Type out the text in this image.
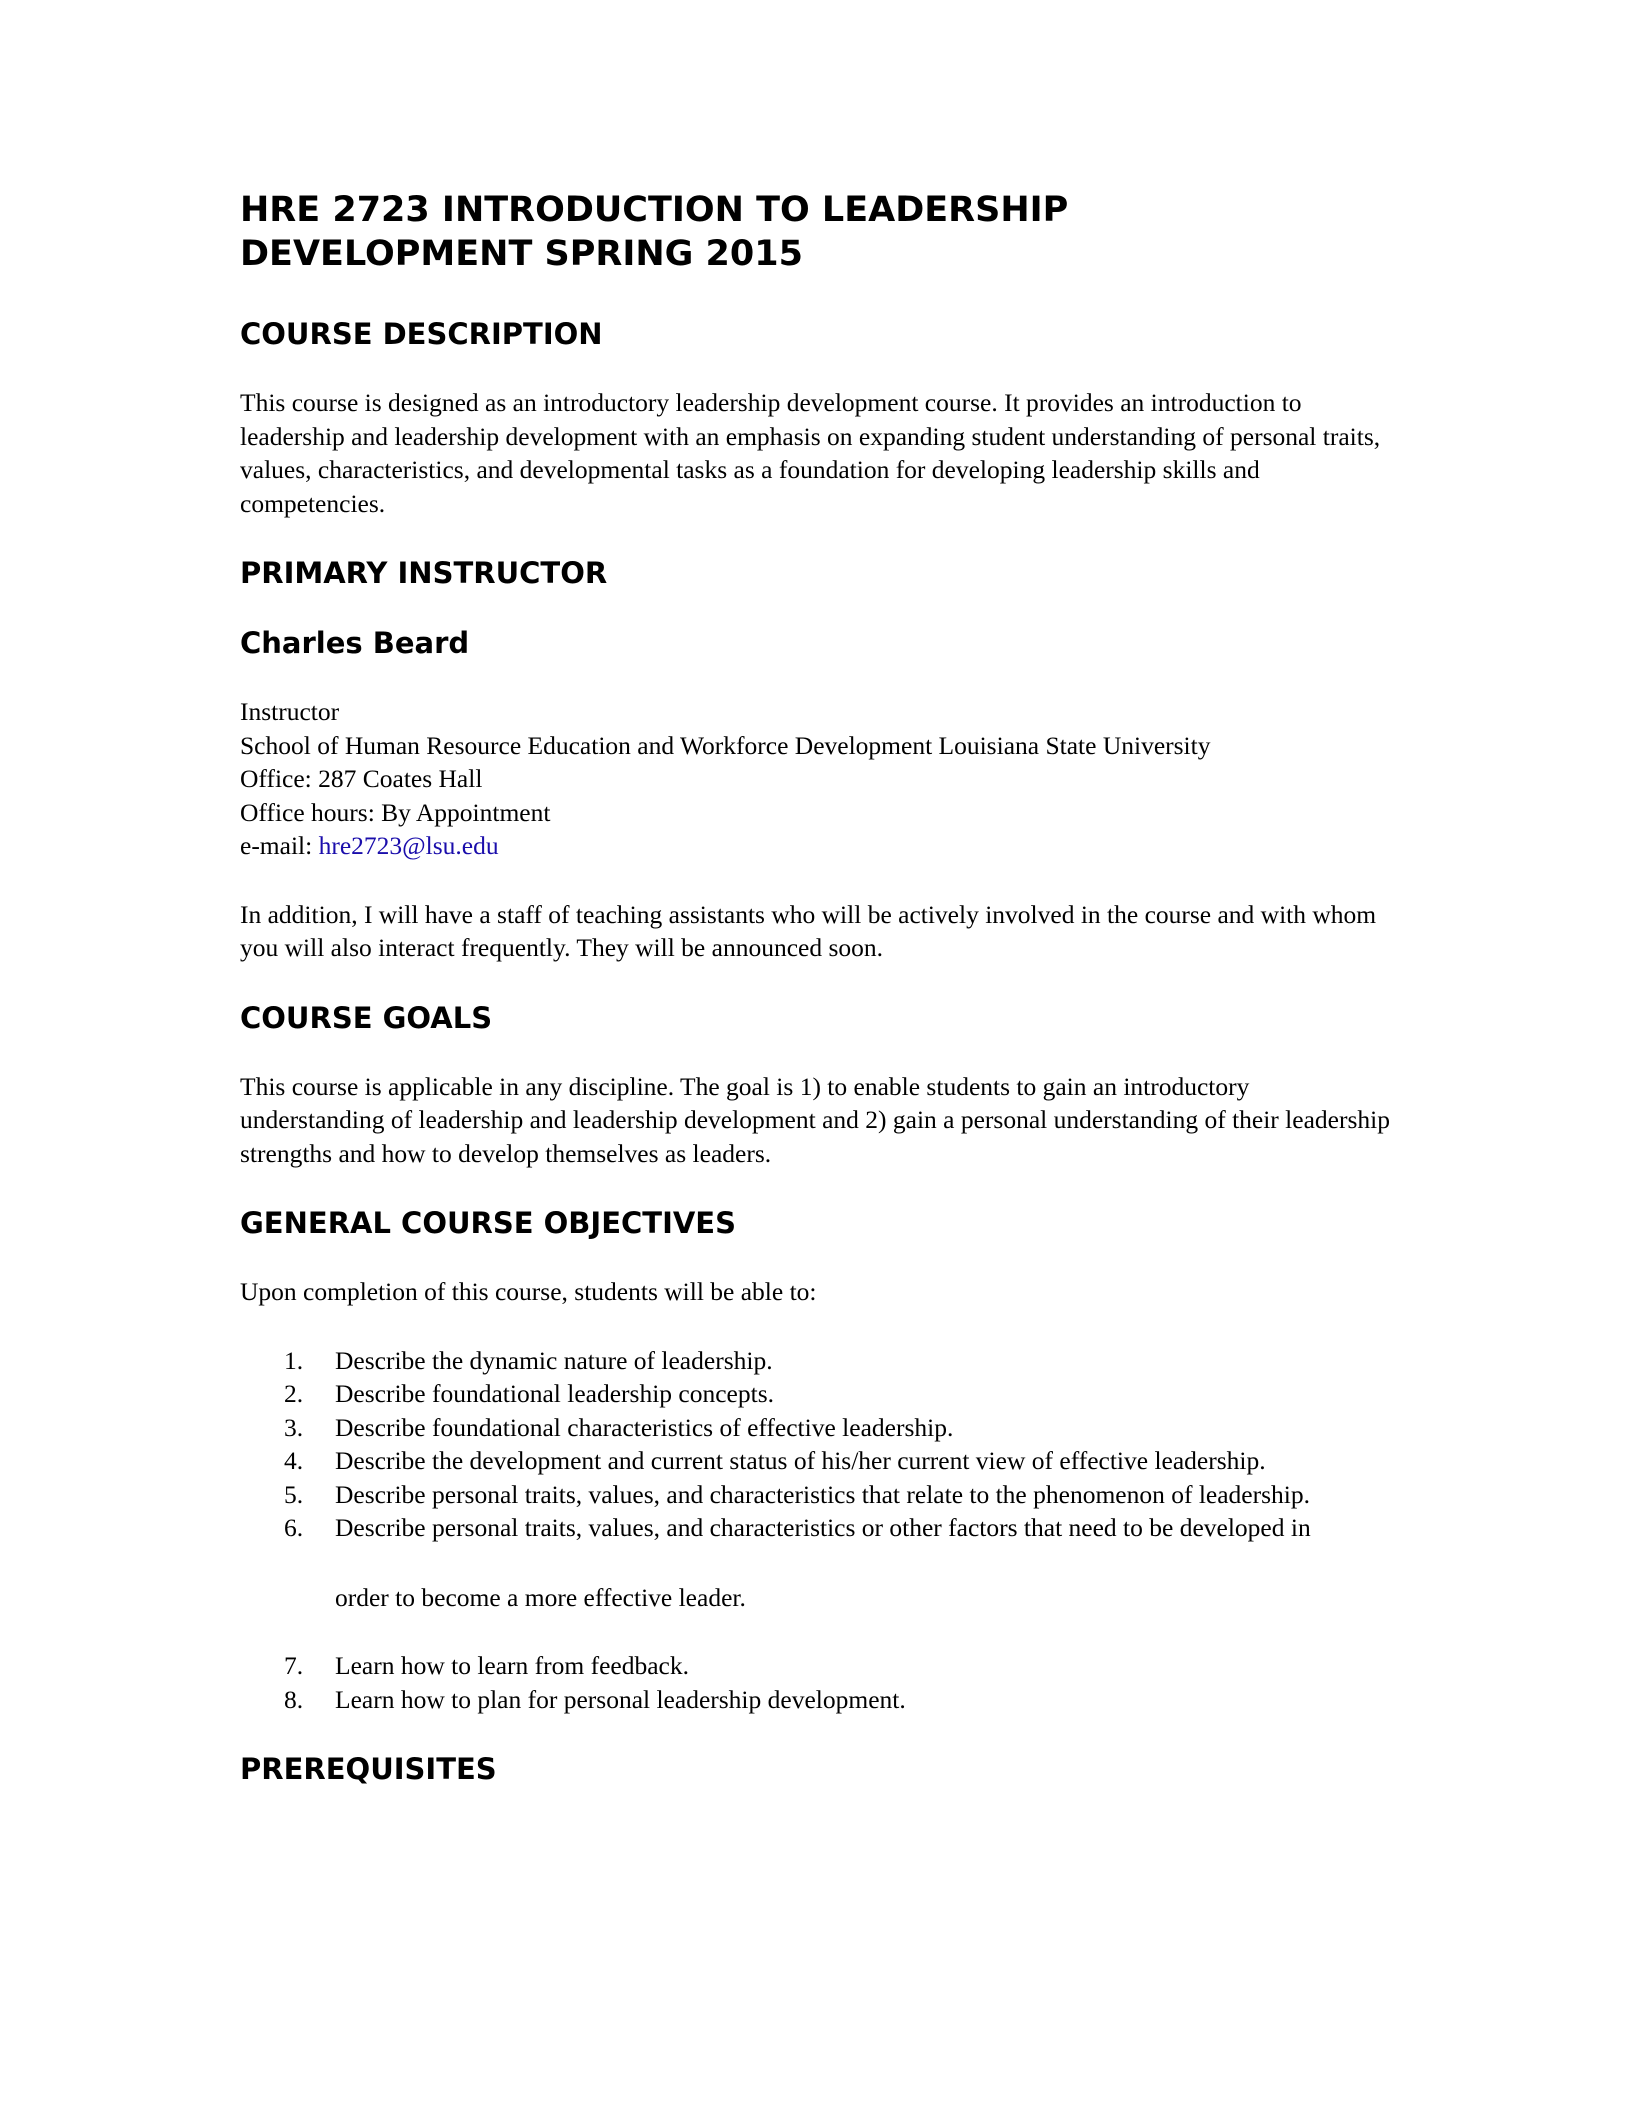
HRE 2723 INTRODUCTION TO LEADERSHIP
DEVELOPMENT SPRING 2015
COURSE DESCRIPTION

This course is designed as an introductory leadership development course. It provides an introduction to leadership and leadership development with an emphasis on expanding student understanding of personal traits, values, characteristics, and developmental tasks as a foundation for developing leadership skills and competencies.

PRIMARY INSTRUCTOR
Charles Beard
Instructor
School of Human Resource Education and Workforce Development Louisiana State University
Office: 287 Coates Hall
Office hours: By Appointment
e-mail: hre2723@lsu.edu

In addition, I will have a staff of teaching assistants who will be actively involved in the course and with whom you will also interact frequently. They will be announced soon.

COURSE GOALS

This course is applicable in any discipline. The goal is 1) to enable students to gain an introductory understanding of leadership and leadership development and 2) gain a personal understanding of their leadership strengths and how to develop themselves as leaders.

GENERAL COURSE OBJECTIVES

Upon completion of this course, students will be able to:

1.	Describe the dynamic nature of leadership.
2.	Describe foundational leadership concepts.
3.	Describe foundational characteristics of effective leadership.
4.	Describe the development and current status of his/her current view of effective leadership.
5.	Describe personal traits, values, and characteristics that relate to the phenomenon of leadership.
6.	Describe personal traits, values, and characteristics or other factors that need to be developed in
order to become a more effective leader.
7.	Learn how to learn from feedback.
8.	Learn how to plan for personal leadership development.
PREREQUISITES
